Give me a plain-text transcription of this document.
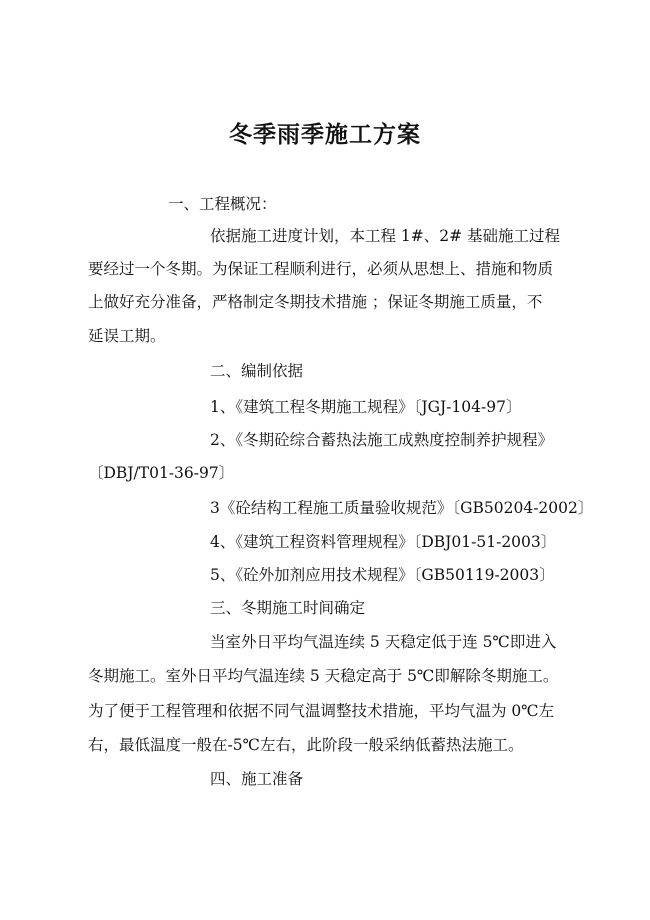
冬季雨季施工方案
一、工程概况：
依据施工进度计划，本工程 1#、2# 基础施工过程
要经过一个冬期。为保证工程顺利进行，必须从思想上、措施和物质
上做好充分准备，严格制定冬期技术措施 ；保证冬期施工质量，不
延误工期。
二、编制依据
1、《建筑工程冬期施工规程》〔JGJ-104-97〕
2、《冬期砼综合蓄热法施工成熟度控制养护规程》
〔DBJ/T01-36-97〕
3《砼结构工程施工质量验收规范》〔GB50204-2002〕
4、《建筑工程资料管理规程》〔DBJ01-51-2003〕
5、《砼外加剂应用技术规程》〔GB50119-2003〕
三、冬期施工时间确定
当室外日平均气温连续 5 天稳定低于连 5℃即进入
冬期施工。室外日平均气温连续 5 天稳定高于 5℃即解除冬期施工。
为了便于工程管理和依据不同气温调整技术措施，平均气温为 0℃左
右，最低温度一般在-5℃左右，此阶段一般采纳低蓄热法施工。
四、施工准备
